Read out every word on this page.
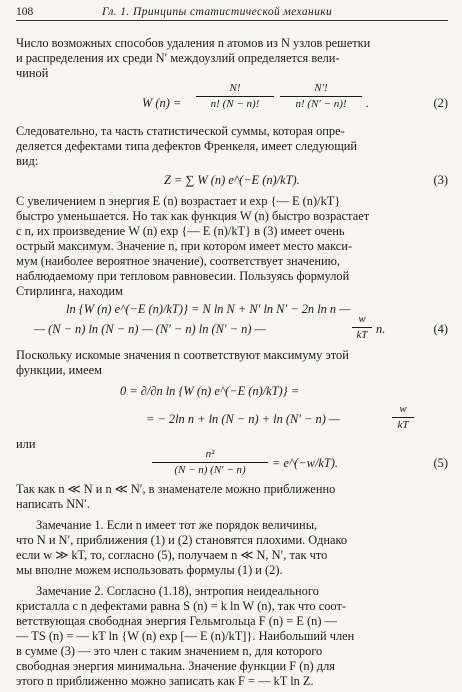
108	Гл. 1. Принципы статистической механики
Число возможных способов удаления n атомов из N узлов решетки
и распределения их среди N′ междоузлий определяется вели-
чиной
W (n) =
N!
n! (N − n)!
N′!
n! (N′ − n)!	.	(2)
Следовательно, та часть статистической суммы, которая опре-
деляется дефектами типа дефектов Френкеля, имеет следующий
вид:
Z = ∑ W (n) e^(−E (n)/kT).	(3)
С увеличением n энергия E (n) возрастает и exp {— E (n)/kT}
быстро уменьшается. Но так как функция W (n) быстро возрастает
с n, их произведение W (n) exp {— E (n)/kT} в (3) имеет очень
острый максимум. Значение n, при котором имеет место макси-
мум (наиболее вероятное значение), соответствует значению,
наблюдаемому при тепловом равновесии. Пользуясь формулой
Стирлинга, находим
ln {W (n) e^(−E (n)/kT)} = N ln N + N′ ln N′ − 2n ln n —
— (N − n) ln (N − n) — (N′ − n) ln (N′ − n) —
w
kT n.	(4)
Поскольку искомые значения n соответствуют максимуму этой
функции, имеем
0 = ∂/∂n ln {W (n) e^(−E (n)/kT)} =
= − 2ln n + ln (N − n) + ln (N′ − n) —
w
kT
или
n²
(N − n) (N′ − n)	= e^(−w/kT).	(5)
Так как n ≪ N и n ≪ N′, в знаменателе можно приближенно
написать NN′.
Замечание 1. Если n имеет тот же порядок величины,
что N и N′, приближения (1) и (2) становятся плохими. Однако
если w ≫ kT, то, согласно (5), получаем n ≪ N, N′, так что
мы вполне можем использовать формулы (1) и (2).
Замечание 2. Согласно (1.18), энтропия неидеального
кристалла с n дефектами равна S (n) = k ln W (n), так что соот-
ветствующая свободная энергия Гельмгольца F (n) = E (n) —
— TS (n) = — kT ln {W (n) exp [— E (n)/kT]}. Наибольший член
в сумме (3) — это член с таким значением n, для которого
свободная энергия минимальна. Значение функции F (n) для
этого n приближенно можно записать как F = — kT ln Z.
